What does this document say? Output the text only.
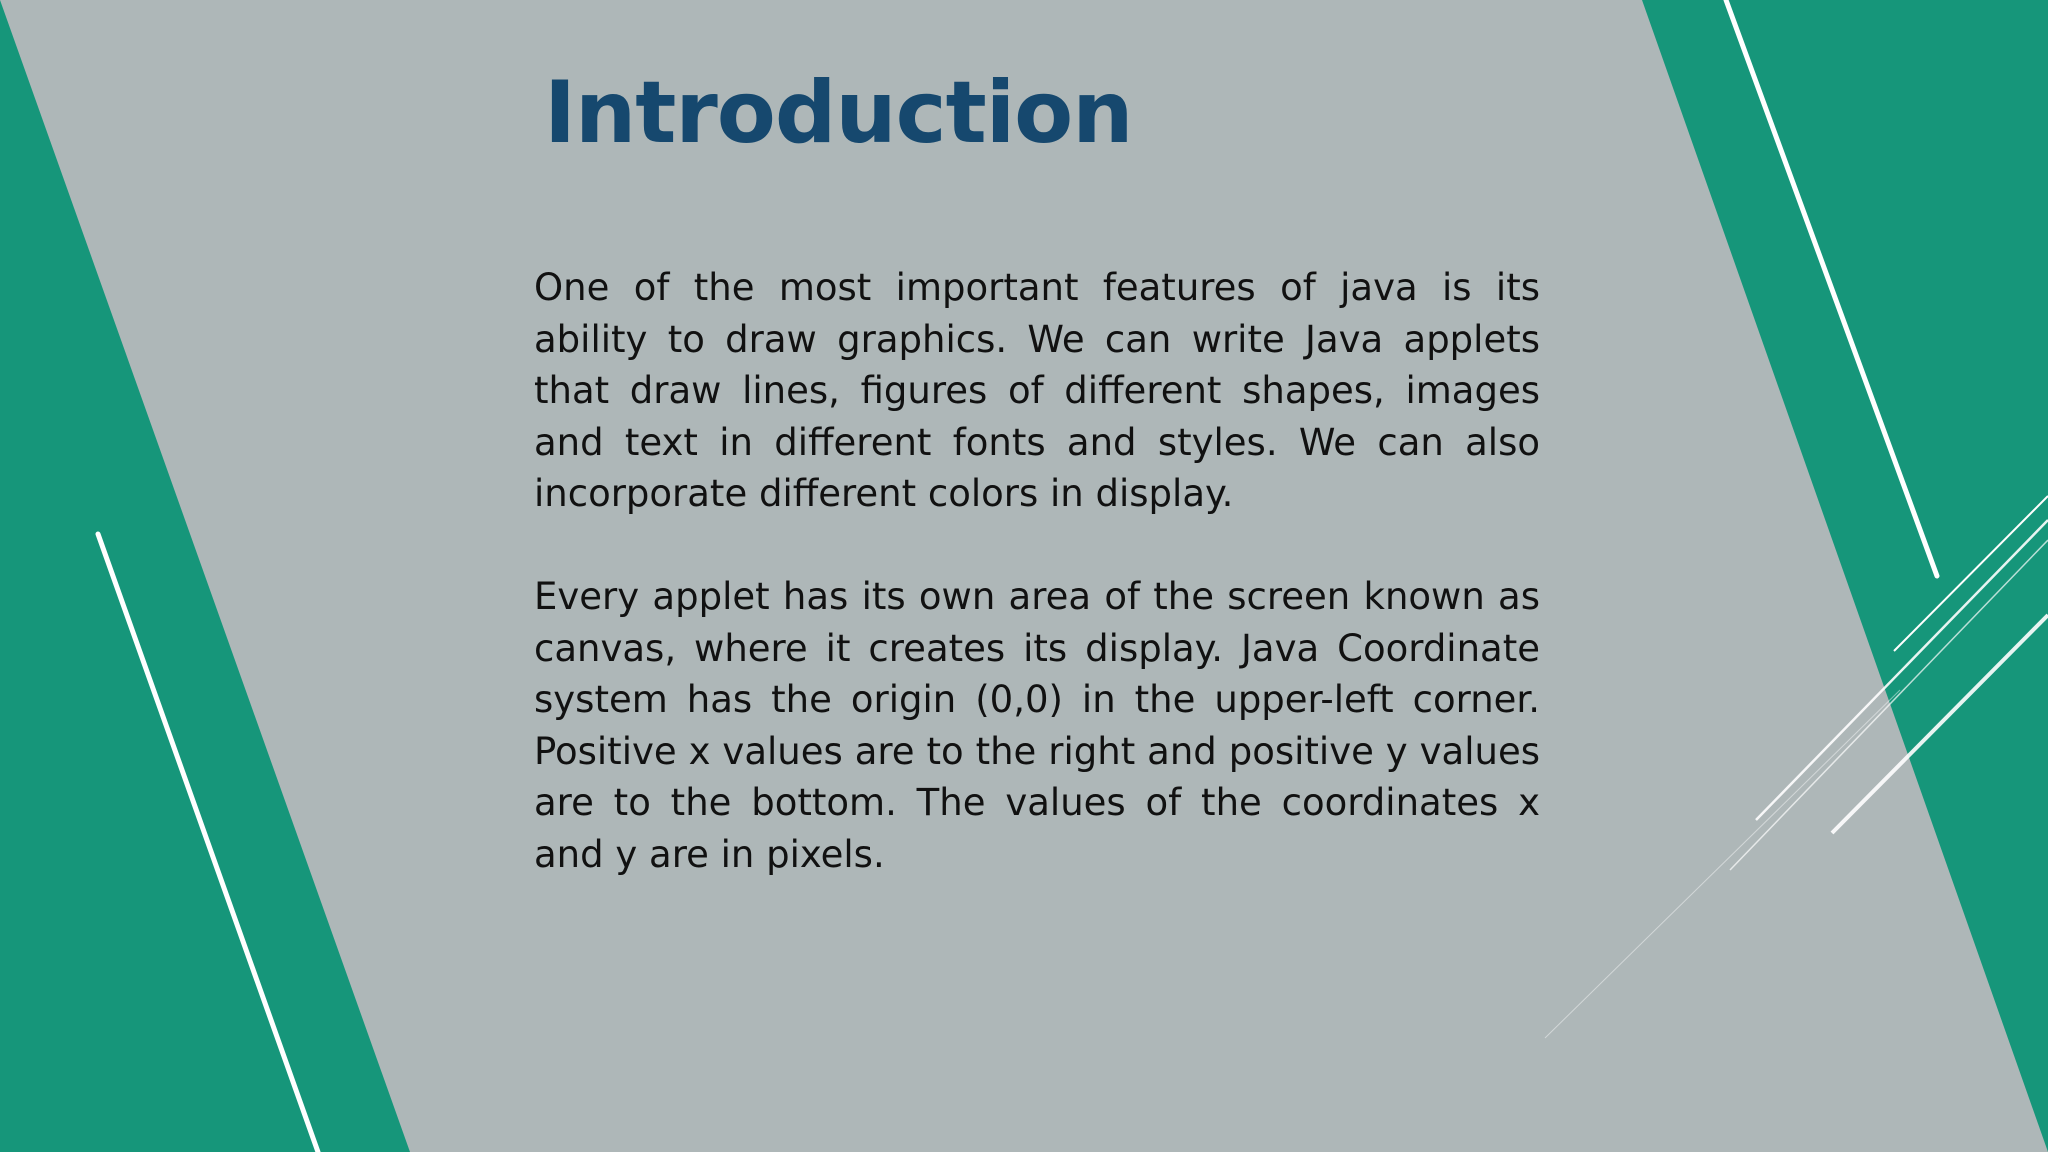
Introduction

One of the most important features of java is its ability to draw graphics. We can write Java applets that draw lines, figures of different shapes, images and text in different fonts and styles. We can also incorporate different colors in display.

Every applet has its own area of the screen known as canvas, where it creates its display. Java Coordinate system has the origin (0,0) in the upper-left corner. Positive x values are to the right and positive y values are to the bottom. The values of the coordinates x and y are in pixels.
